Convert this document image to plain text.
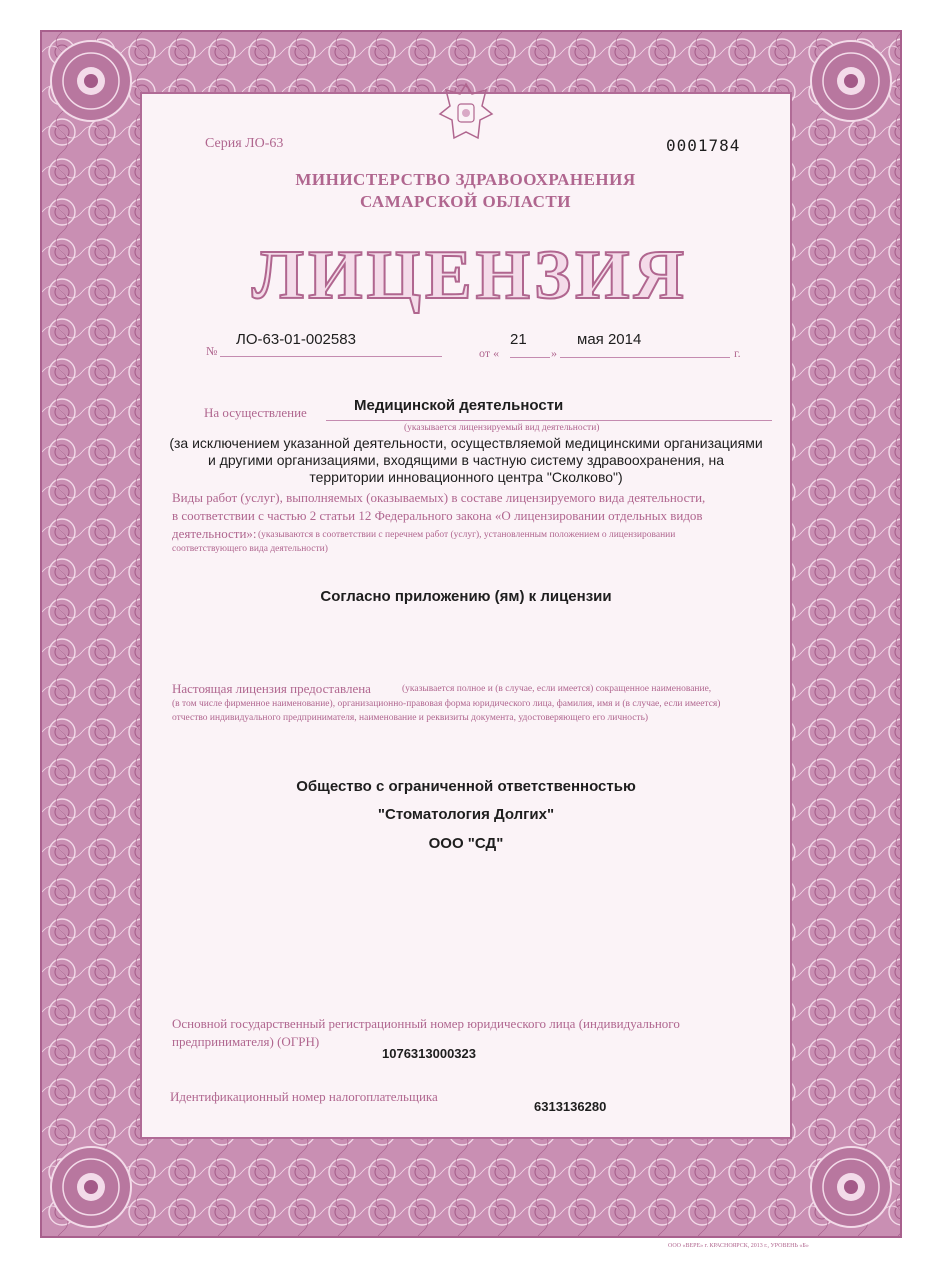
Серия ЛО-63	0001784
МИНИСТЕРСТВО ЗДРАВООХРАНЕНИЯ
САМАРСКОЙ ОБЛАСТИ
ЛИЦЕНЗИЯ
№
ЛО-63-01-002583
от «
21
»
мая 2014
г.
На осуществление	Медицинской деятельности
(указывается лицензируемый вид деятельности)
(за исключением указанной деятельности, осуществляемой медицинскими организациями
и другими организациями, входящими в частную систему здравоохранения, на
территории инновационного центра "Сколково")
Виды работ (услуг), выполняемых (оказываемых) в составе лицензируемого вида деятельности,
в соответствии с частью 2 статьи 12 Федерального закона «О лицензировании отдельных видов
деятельности»: (указываются в соответствии с перечнем работ (услуг), установленным положением о лицензировании
соответствующего вида деятельности)
Согласно приложению (ям) к лицензии
Настоящая лицензия предоставлена	(указывается полное и (в случае, если имеется) сокращенное наименование,
(в том числе фирменное наименование), организационно-правовая форма юридического лица, фамилия, имя и (в случае, если имеется)
отчество индивидуального предпринимателя, наименование и реквизиты документа, удостоверяющего его личность)
Общество с ограниченной ответственностью
"Стоматология Долгих"
ООО "СД"
Основной государственный регистрационный номер юридического лица (индивидуального
предпринимателя) (ОГРН)
1076313000323
Идентификационный номер налогоплательщика
6313136280
ООО «ВЕРЕ» г. КРАСНОЯРСК, 2013 г., УРОВЕНЬ «Б»
